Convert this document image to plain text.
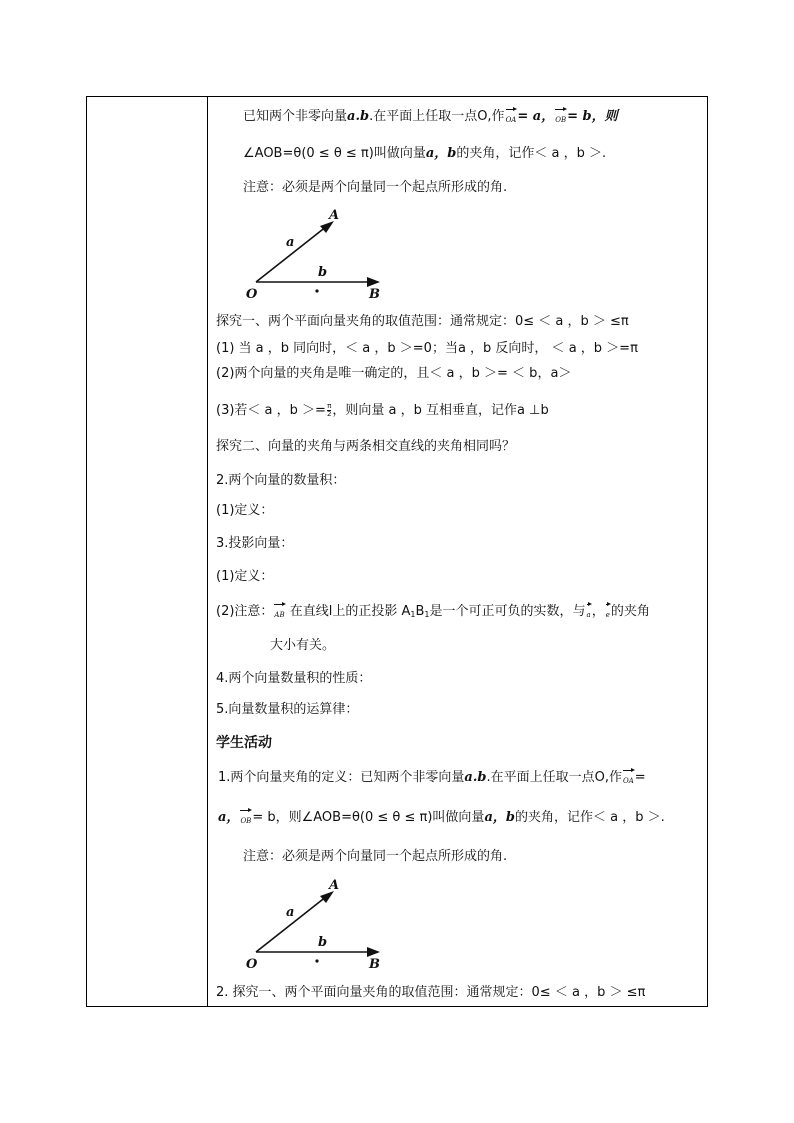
已知两个非零向量a.b.在平面上任取一点O,作OA= a，OB= b，则
∠AOB=θ(0 ≤ θ ≤ π)叫做向量a，b的夹角，记作＜ a ，b ＞.
注意：必须是两个向量同一个起点所形成的角.
O
A
B
a
b
探究一、两个平面向量夹角的取值范围：通常规定：0≤ ＜ a ，b ＞ ≤π
(1) 当 a ，b 同向时，＜ a ，b ＞=0；当a ，b 反向时， ＜ a ，b ＞=π
(2)两个向量的夹角是唯一确定的，且＜ a ，b ＞= ＜ b，a＞
(3)若＜ a ，$b >= \frac{\pi}{2}$ ，则向量 a ，b 互相垂直，记作a ⊥b
探究二、向量的夹角与两条相交直线的夹角相同吗？
2.两个向量的数量积：
(1)定义：
3.投影向量：
(1)定义：
(2)注意：AB 在直线l上的正投影 $A_1B_1$是一个可正可负的实数，与a，e的夹角
大小有关。
4.两个向量数量积的性质：
5.向量数量积的运算律：
学生活动
1.两个向量夹角的定义：已知两个非零向量a.b.在平面上任取一点O,作OA=
a，OB= b，则∠AOB=θ(0 ≤ θ ≤ π)叫做向量a，b的夹角，记作＜ a ，b ＞.
注意：必须是两个向量同一个起点所形成的角.
O
A
B
a
b
2. 探究一、两个平面向量夹角的取值范围：通常规定：0≤ ＜ a ，b ＞ ≤π
